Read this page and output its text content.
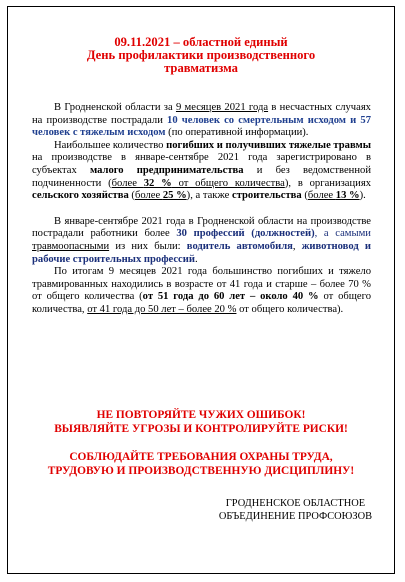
09.11.2021 – областной единый
День профилактики производственного
травматизма

В Гродненской области за 9 месяцев 2021 года в несчастных случаях на производстве пострадали 10 человек со смертельным исходом и 57 человек с тяжелым исходом (по оперативной информации).

Наибольшее количество погибших и получивших тяжелые травмы на производстве в январе-сентябре 2021 года зарегистрировано в субъектах малого предпринимательства и без ведомственной подчиненности (более 32 % от общего количества), в организациях сельского хозяйства (более 25 %), а также строительства (более 13 %).

В январе-сентябре 2021 года в Гродненской области на производстве пострадали работники более 30 профессий (должностей), а самыми травмоопасными из них были: водитель автомобиля, животновод и рабочие строительных профессий.

По итогам 9 месяцев 2021 года большинство погибших и тяжело травмированных находились в возрасте от 41 года и старше – более 70 % от общего количества (от 51 года до 60 лет – около 40 % от общего количества, от 41 года до 50 лет – более 20 % от общего количества).

НЕ ПОВТОРЯЙТЕ ЧУЖИХ ОШИБОК!
ВЫЯВЛЯЙТЕ УГРОЗЫ И КОНТРОЛИРУЙТЕ РИСКИ!
СОБЛЮДАЙТЕ ТРЕБОВАНИЯ ОХРАНЫ ТРУДА,
ТРУДОВУЮ И ПРОИЗВОДСТВЕННУЮ ДИСЦИПЛИНУ!
ГРОДНЕНСКОЕ ОБЛАСТНОЕ
ОБЪЕДИНЕНИЕ ПРОФСОЮЗОВ
